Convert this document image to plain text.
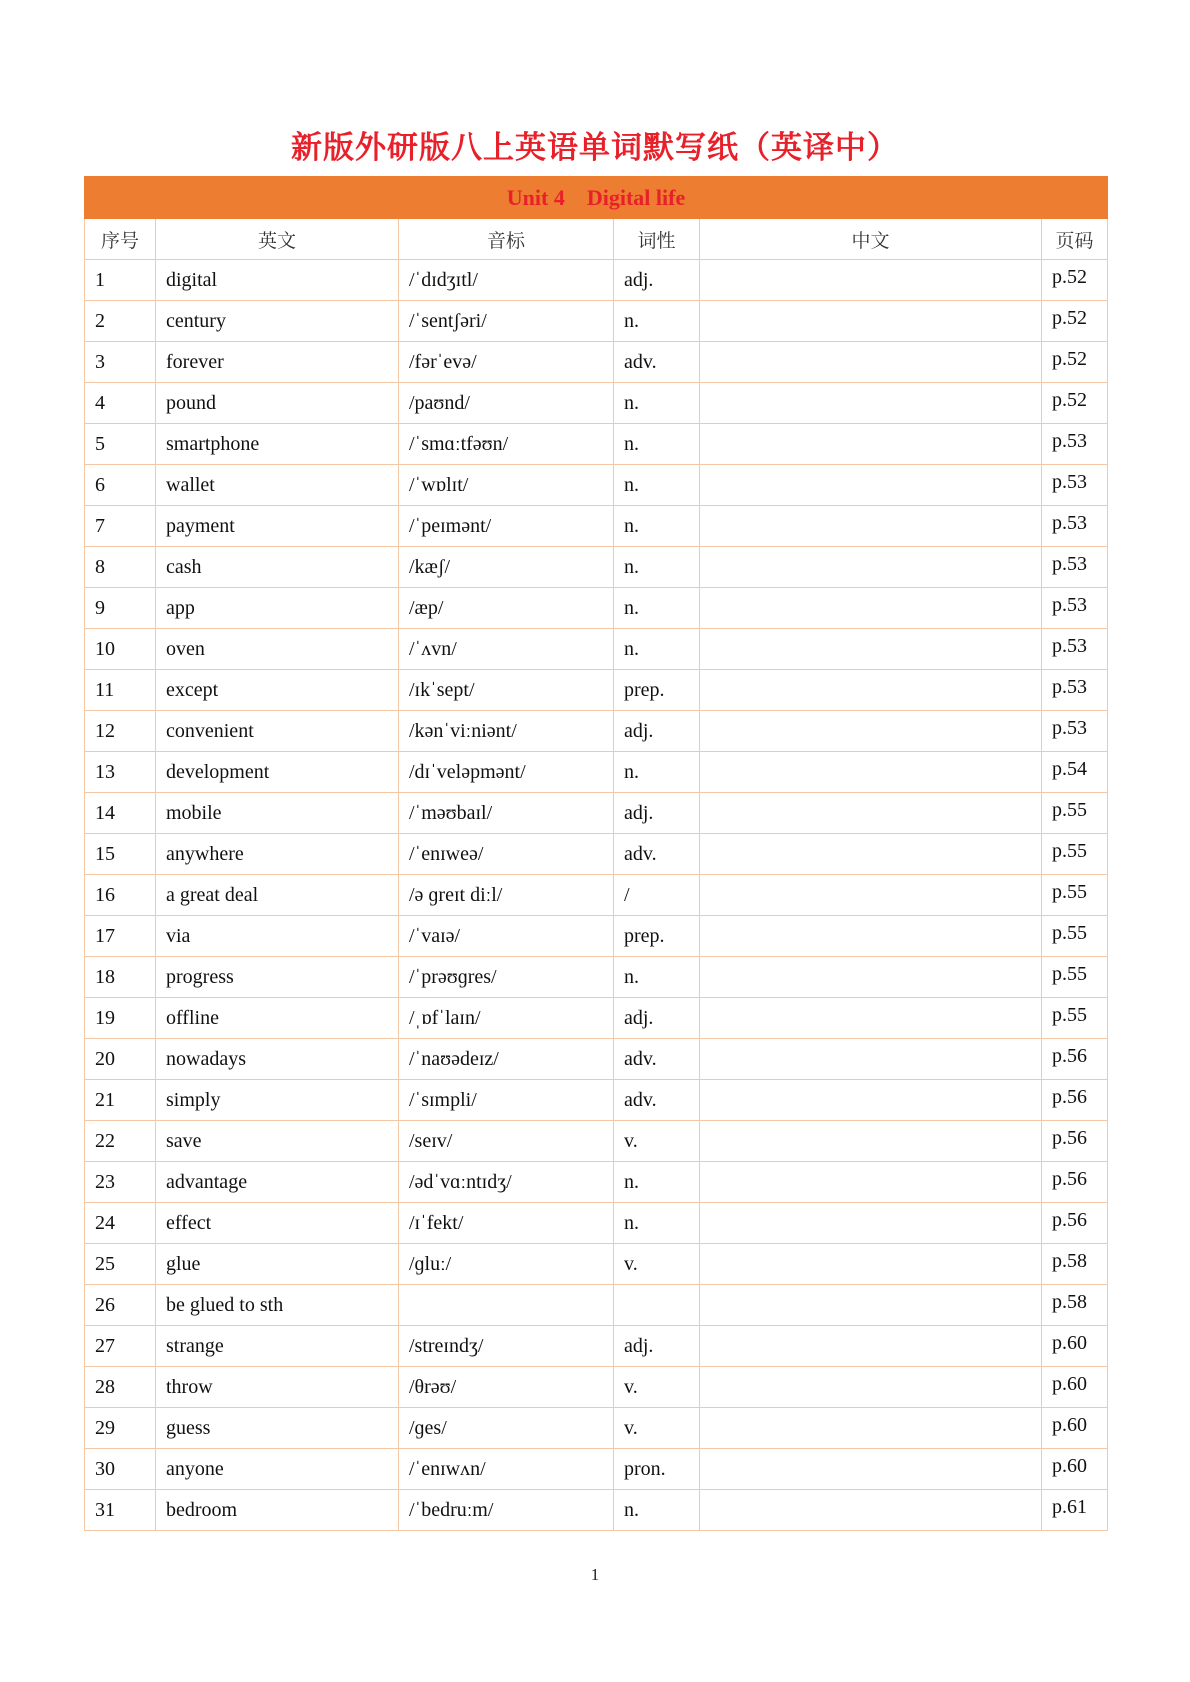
新版外研版八上英语单词默写纸（英译中）
Unit 4    Digital life					
序号	英文	音标	词性	中文	页码
1	digital	/ˈdɪdʒɪtl/	adj.		p.52
2	century	/ˈsentʃəri/	n.		p.52
3	forever	/fərˈevə/	adv.		p.52
4	pound	/paʊnd/	n.		p.52
5	smartphone	/ˈsmɑːtfəʊn/	n.		p.53
6	wallet	/ˈwɒlɪt/	n.		p.53
7	payment	/ˈpeɪmənt/	n.		p.53
8	cash	/kæʃ/	n.		p.53
9	app	/æp/	n.		p.53
10	oven	/ˈʌvn/	n.		p.53
11	except	/ɪkˈsept/	prep.		p.53
12	convenient	/kənˈviːniənt/	adj.		p.53
13	development	/dɪˈveləpmənt/	n.		p.54
14	mobile	/ˈməʊbaɪl/	adj.		p.55
15	anywhere	/ˈenɪweə/	adv.		p.55
16	a great deal	/ə ɡreɪt diːl/	/		p.55
17	via	/ˈvaɪə/	prep.		p.55
18	progress	/ˈprəʊɡres/	n.		p.55
19	offline	/ˌɒfˈlaɪn/	adj.		p.55
20	nowadays	/ˈnaʊədeɪz/	adv.		p.56
21	simply	/ˈsɪmpli/	adv.		p.56
22	save	/seɪv/	v.		p.56
23	advantage	/ədˈvɑːntɪdʒ/	n.		p.56
24	effect	/ɪˈfekt/	n.		p.56
25	glue	/ɡluː/	v.		p.58
26	be glued to sth				p.58
27	strange	/streɪndʒ/	adj.		p.60
28	throw	/θrəʊ/	v.		p.60
29	guess	/ɡes/	v.		p.60
30	anyone	/ˈenɪwʌn/	pron.		p.60
31	bedroom	/ˈbedruːm/	n.		p.61
1
